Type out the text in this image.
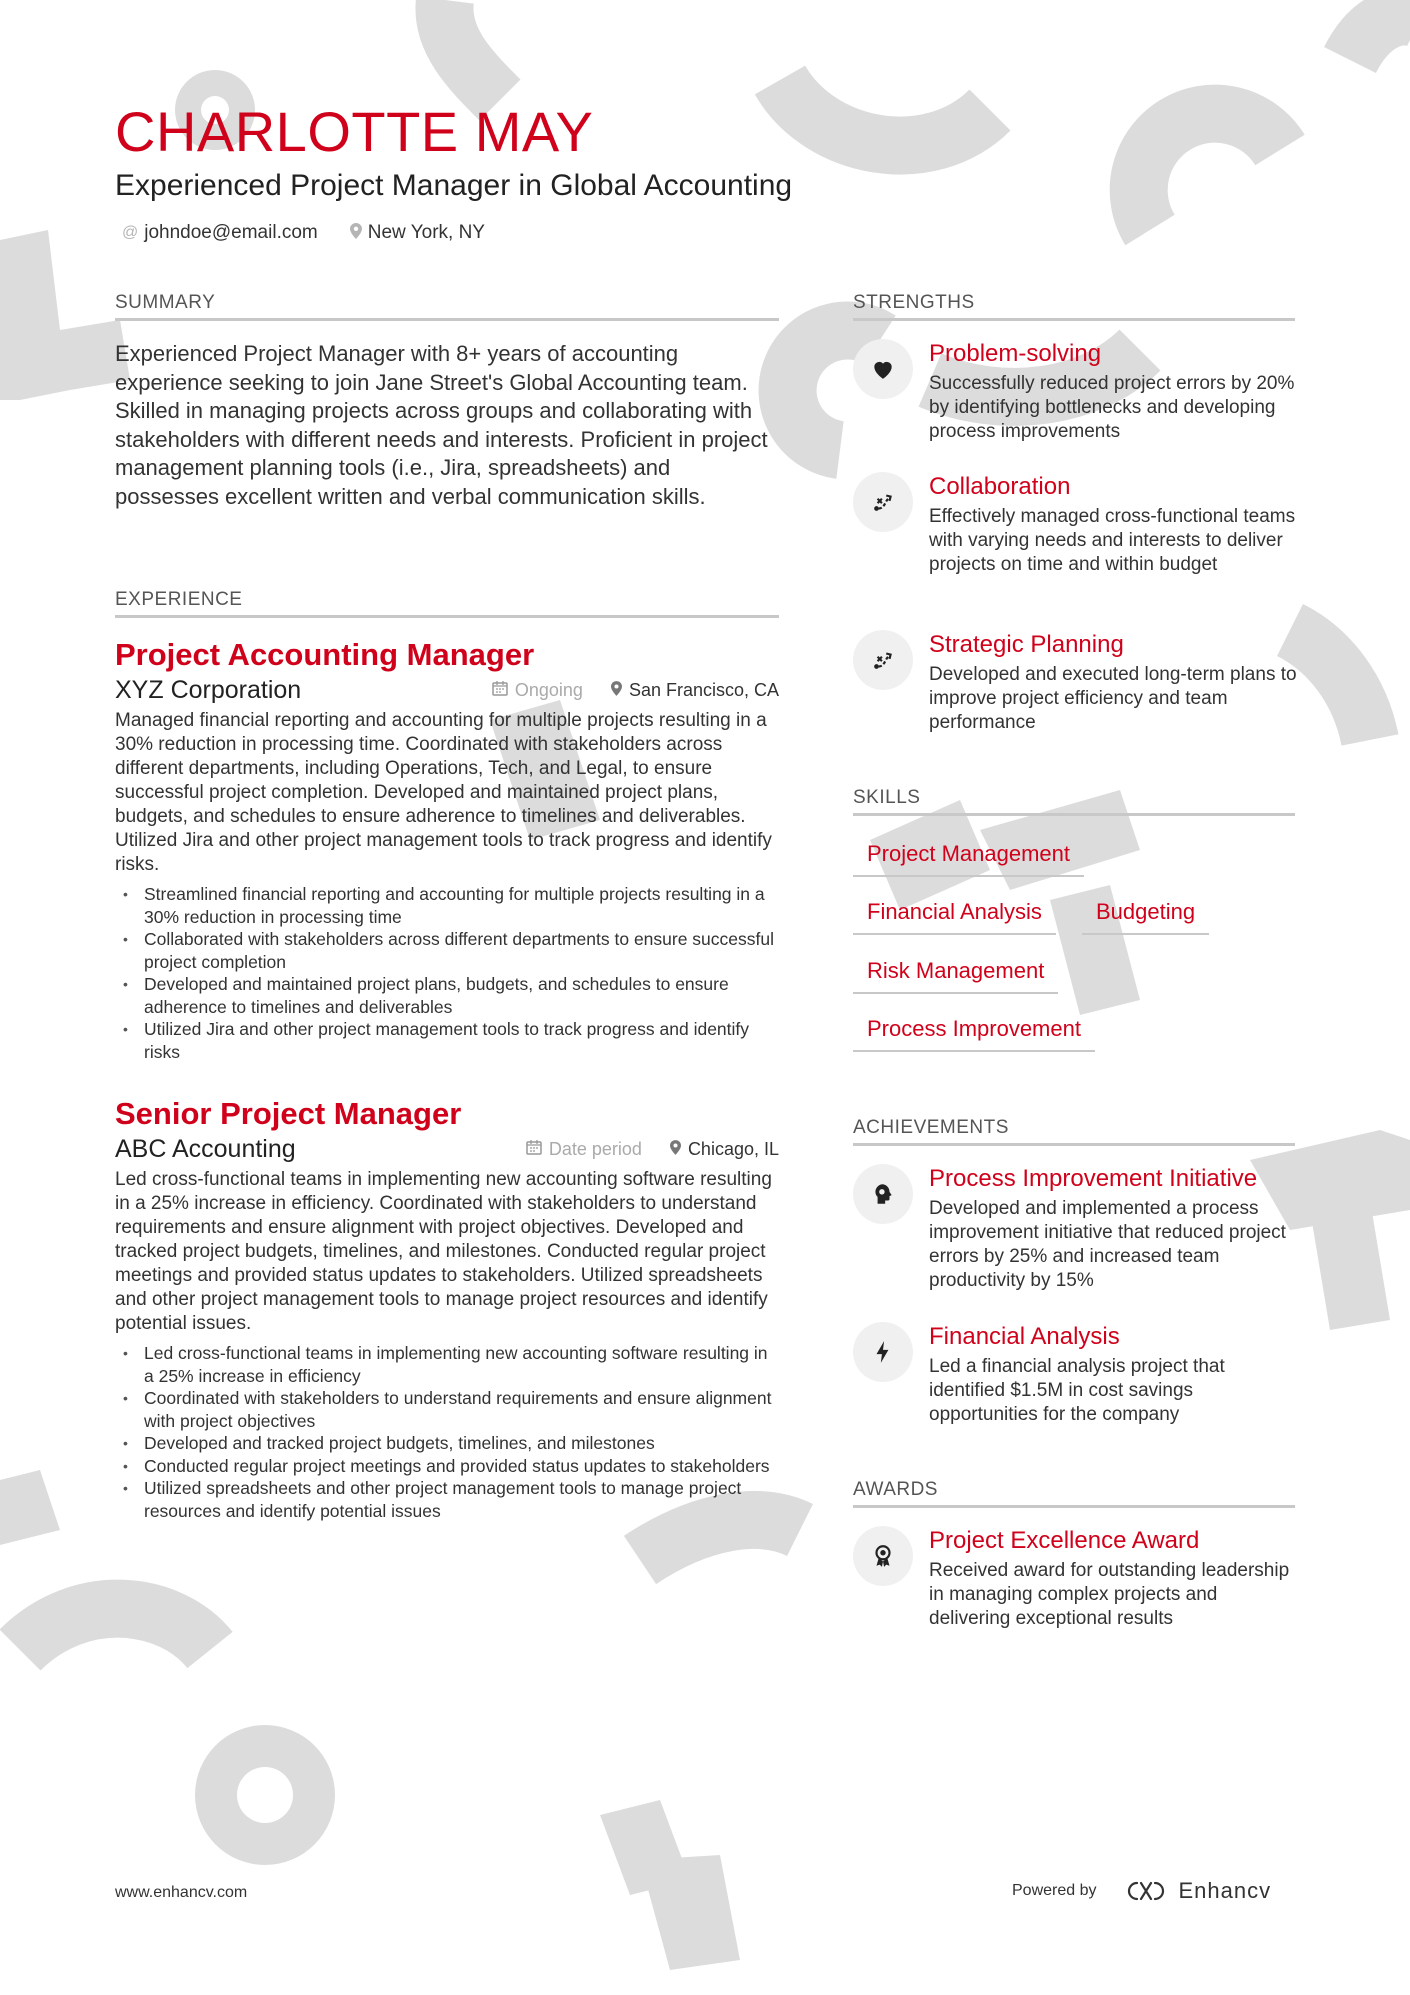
CHARLOTTE MAY

Experienced Project Manager in Global Accounting

@ johndoe@email.com	New York, NY
SUMMARY

Experienced Project Manager with 8+ years of accounting experience seeking to join Jane Street's Global Accounting team. Skilled in managing projects across groups and collaborating with stakeholders with different needs and interests. Proficient in project management planning tools (i.e., Jira, spreadsheets) and possesses excellent written and verbal communication skills.

EXPERIENCE
Project Accounting Manager
XYZ Corporation	Ongoing	San Francisco, CA

Managed financial reporting and accounting for multiple projects resulting in a 30% reduction in processing time. Coordinated with stakeholders across different departments, including Operations, Tech, and Legal, to ensure successful project completion. Developed and maintained project plans, budgets, and schedules to ensure adherence to timelines and deliverables. Utilized Jira and other project management tools to track progress and identify risks.

• Streamlined financial reporting and accounting for multiple projects resulting in a 30% reduction in processing time
• Collaborated with stakeholders across different departments to ensure successful project completion
• Developed and maintained project plans, budgets, and schedules to ensure adherence to timelines and deliverables
• Utilized Jira and other project management tools to track progress and identify risks
Senior Project Manager
ABC Accounting	Date period	Chicago, IL

Led cross-functional teams in implementing new accounting software resulting in a 25% increase in efficiency. Coordinated with stakeholders to understand requirements and ensure alignment with project objectives. Developed and tracked project budgets, timelines, and milestones. Conducted regular project meetings and provided status updates to stakeholders. Utilized spreadsheets and other project management tools to manage project resources and identify potential issues.

• Led cross-functional teams in implementing new accounting software resulting in a 25% increase in efficiency
• Coordinated with stakeholders to understand requirements and ensure alignment with project objectives
• Developed and tracked project budgets, timelines, and milestones
• Conducted regular project meetings and provided status updates to stakeholders
• Utilized spreadsheets and other project management tools to manage project resources and identify potential issues
STRENGTHS

Problem-solving

Successfully reduced project errors by 20% by identifying bottlenecks and developing process improvements

Collaboration

Effectively managed cross-functional teams with varying needs and interests to deliver projects on time and within budget

Strategic Planning

Developed and executed long-term plans to improve project efficiency and team performance

SKILLS
Project Management
Financial Analysis	Budgeting
Risk Management
Process Improvement
ACHIEVEMENTS

Process Improvement Initiative

Developed and implemented a process improvement initiative that reduced project errors by 25% and increased team productivity by 15%

Financial Analysis

Led a financial analysis project that identified $1.5M in cost savings opportunities for the company

AWARDS

Project Excellence Award

Received award for outstanding leadership in managing complex projects and delivering exceptional results

www.enhancv.com	Powered by	Enhancv
